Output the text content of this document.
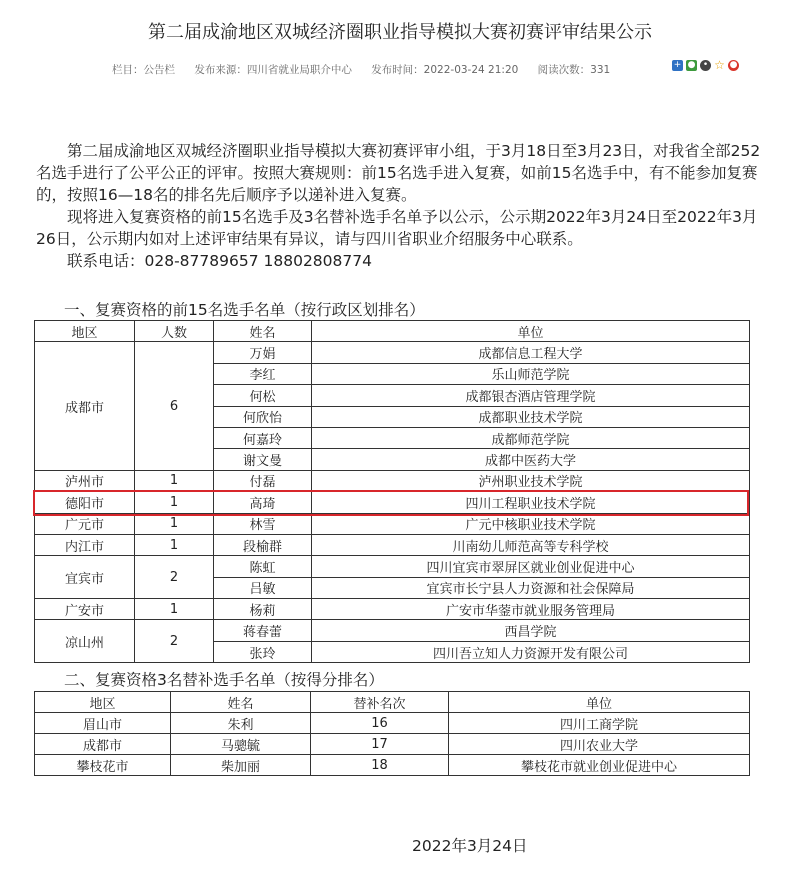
第二届成渝地区双城经济圈职业指导模拟大赛初赛评审结果公示
栏目：公告栏 发布来源：四川省就业局职介中心 发布时间：2022-03-24 21:20 阅读次数：331	+ ● • ☆ ●

第二届成渝地区双城经济圈职业指导模拟大赛初赛评审小组，于3月18日至3月23日，对我省全部252名选手进行了公平公正的评审。按照大赛规则：前15名选手进入复赛，如前15名选手中，有不能参加复赛的，按照16—18名的排名先后顺序予以递补进入复赛。

现将进入复赛资格的前15名选手及3名替补选手名单予以公示，公示期2022年3月24日至2022年3月26日，公示期内如对上述评审结果有异议，请与四川省职业介绍服务中心联系。

联系电话：028-87789657 18802808774

一、复赛资格的前15名选手名单（按行政区划排名）
地区	人数	姓名	单位
成都市	6	万娟	成都信息工程大学
		李红	乐山师范学院
		何松	成都银杏酒店管理学院
		何欣怡	成都职业技术学院
		何嘉玲	成都师范学院
		谢文曼	成都中医药大学
泸州市	1	付磊	泸州职业技术学院
德阳市	1	高琦	四川工程职业技术学院
广元市	1	林雪	广元中核职业技术学院
内江市	1	段榆群	川南幼儿师范高等专科学校
宜宾市	2	陈虹	四川宜宾市翠屏区就业创业促进中心
		吕敏	宜宾市长宁县人力资源和社会保障局
广安市	1	杨莉	广安市华蓥市就业服务管理局
凉山州	2	蒋春蕾	西昌学院
		张玲	四川吾立知人力资源开发有限公司
二、复赛资格3名替补选手名单（按得分排名）
地区	姓名	替补名次	单位
眉山市	朱利	16	四川工商学院
成都市	马骢毓	17	四川农业大学
攀枝花市	柴加丽	18	攀枝花市就业创业促进中心
2022年3月24日
